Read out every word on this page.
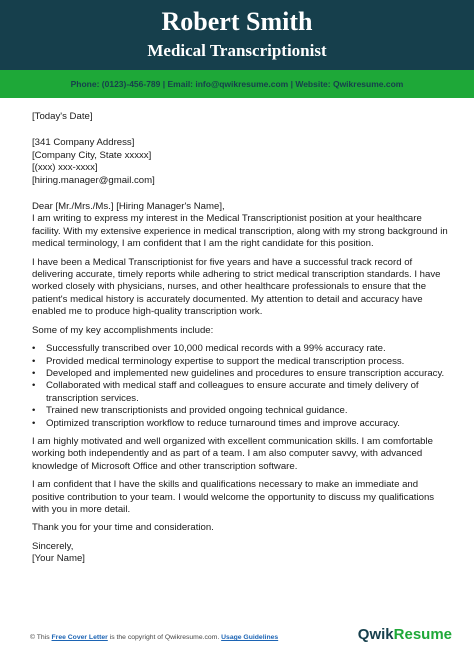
Robert Smith
Medical Transcriptionist
Phone: (0123)-456-789 | Email: info@qwikresume.com | Website: Qwikresume.com

[Today's Date]

[341 Company Address]

[Company City, State xxxxx]

[(xxx) xxx-xxxx]

[hiring.manager@gmail.com]

Dear [Mr./Mrs./Ms.] [Hiring Manager's Name],

I am writing to express my interest in the Medical Transcriptionist position at your healthcare facility. With my extensive experience in medical transcription, along with my strong background in medical terminology, I am confident that I am the right candidate for this position.

I have been a Medical Transcriptionist for five years and have a successful track record of delivering accurate, timely reports while adhering to strict medical transcription standards. I have worked closely with physicians, nurses, and other healthcare professionals to ensure that the patient's medical history is accurately documented. My attention to detail and accuracy have enabled me to produce high-quality transcription work.

Some of my key accomplishments include:

• Successfully transcribed over 10,000 medical records with a 99% accuracy rate.
• Provided medical terminology expertise to support the medical transcription process.
• Developed and implemented new guidelines and procedures to ensure transcription accuracy.
• Collaborated with medical staff and colleagues to ensure accurate and timely delivery of transcription services.
• Trained new transcriptionists and provided ongoing technical guidance.
• Optimized transcription workflow to reduce turnaround times and improve accuracy.

I am highly motivated and well organized with excellent communication skills. I am comfortable working both independently and as part of a team. I am also computer savvy, with advanced knowledge of Microsoft Office and other transcription software.

I am confident that I have the skills and qualifications necessary to make an immediate and positive contribution to your team. I would welcome the opportunity to discuss my qualifications with you in more detail.

Thank you for your time and consideration.

Sincerely,

[Your Name]

© This Free Cover Letter is the copyright of Qwikresume.com. Usage Guidelines	QwikResume
